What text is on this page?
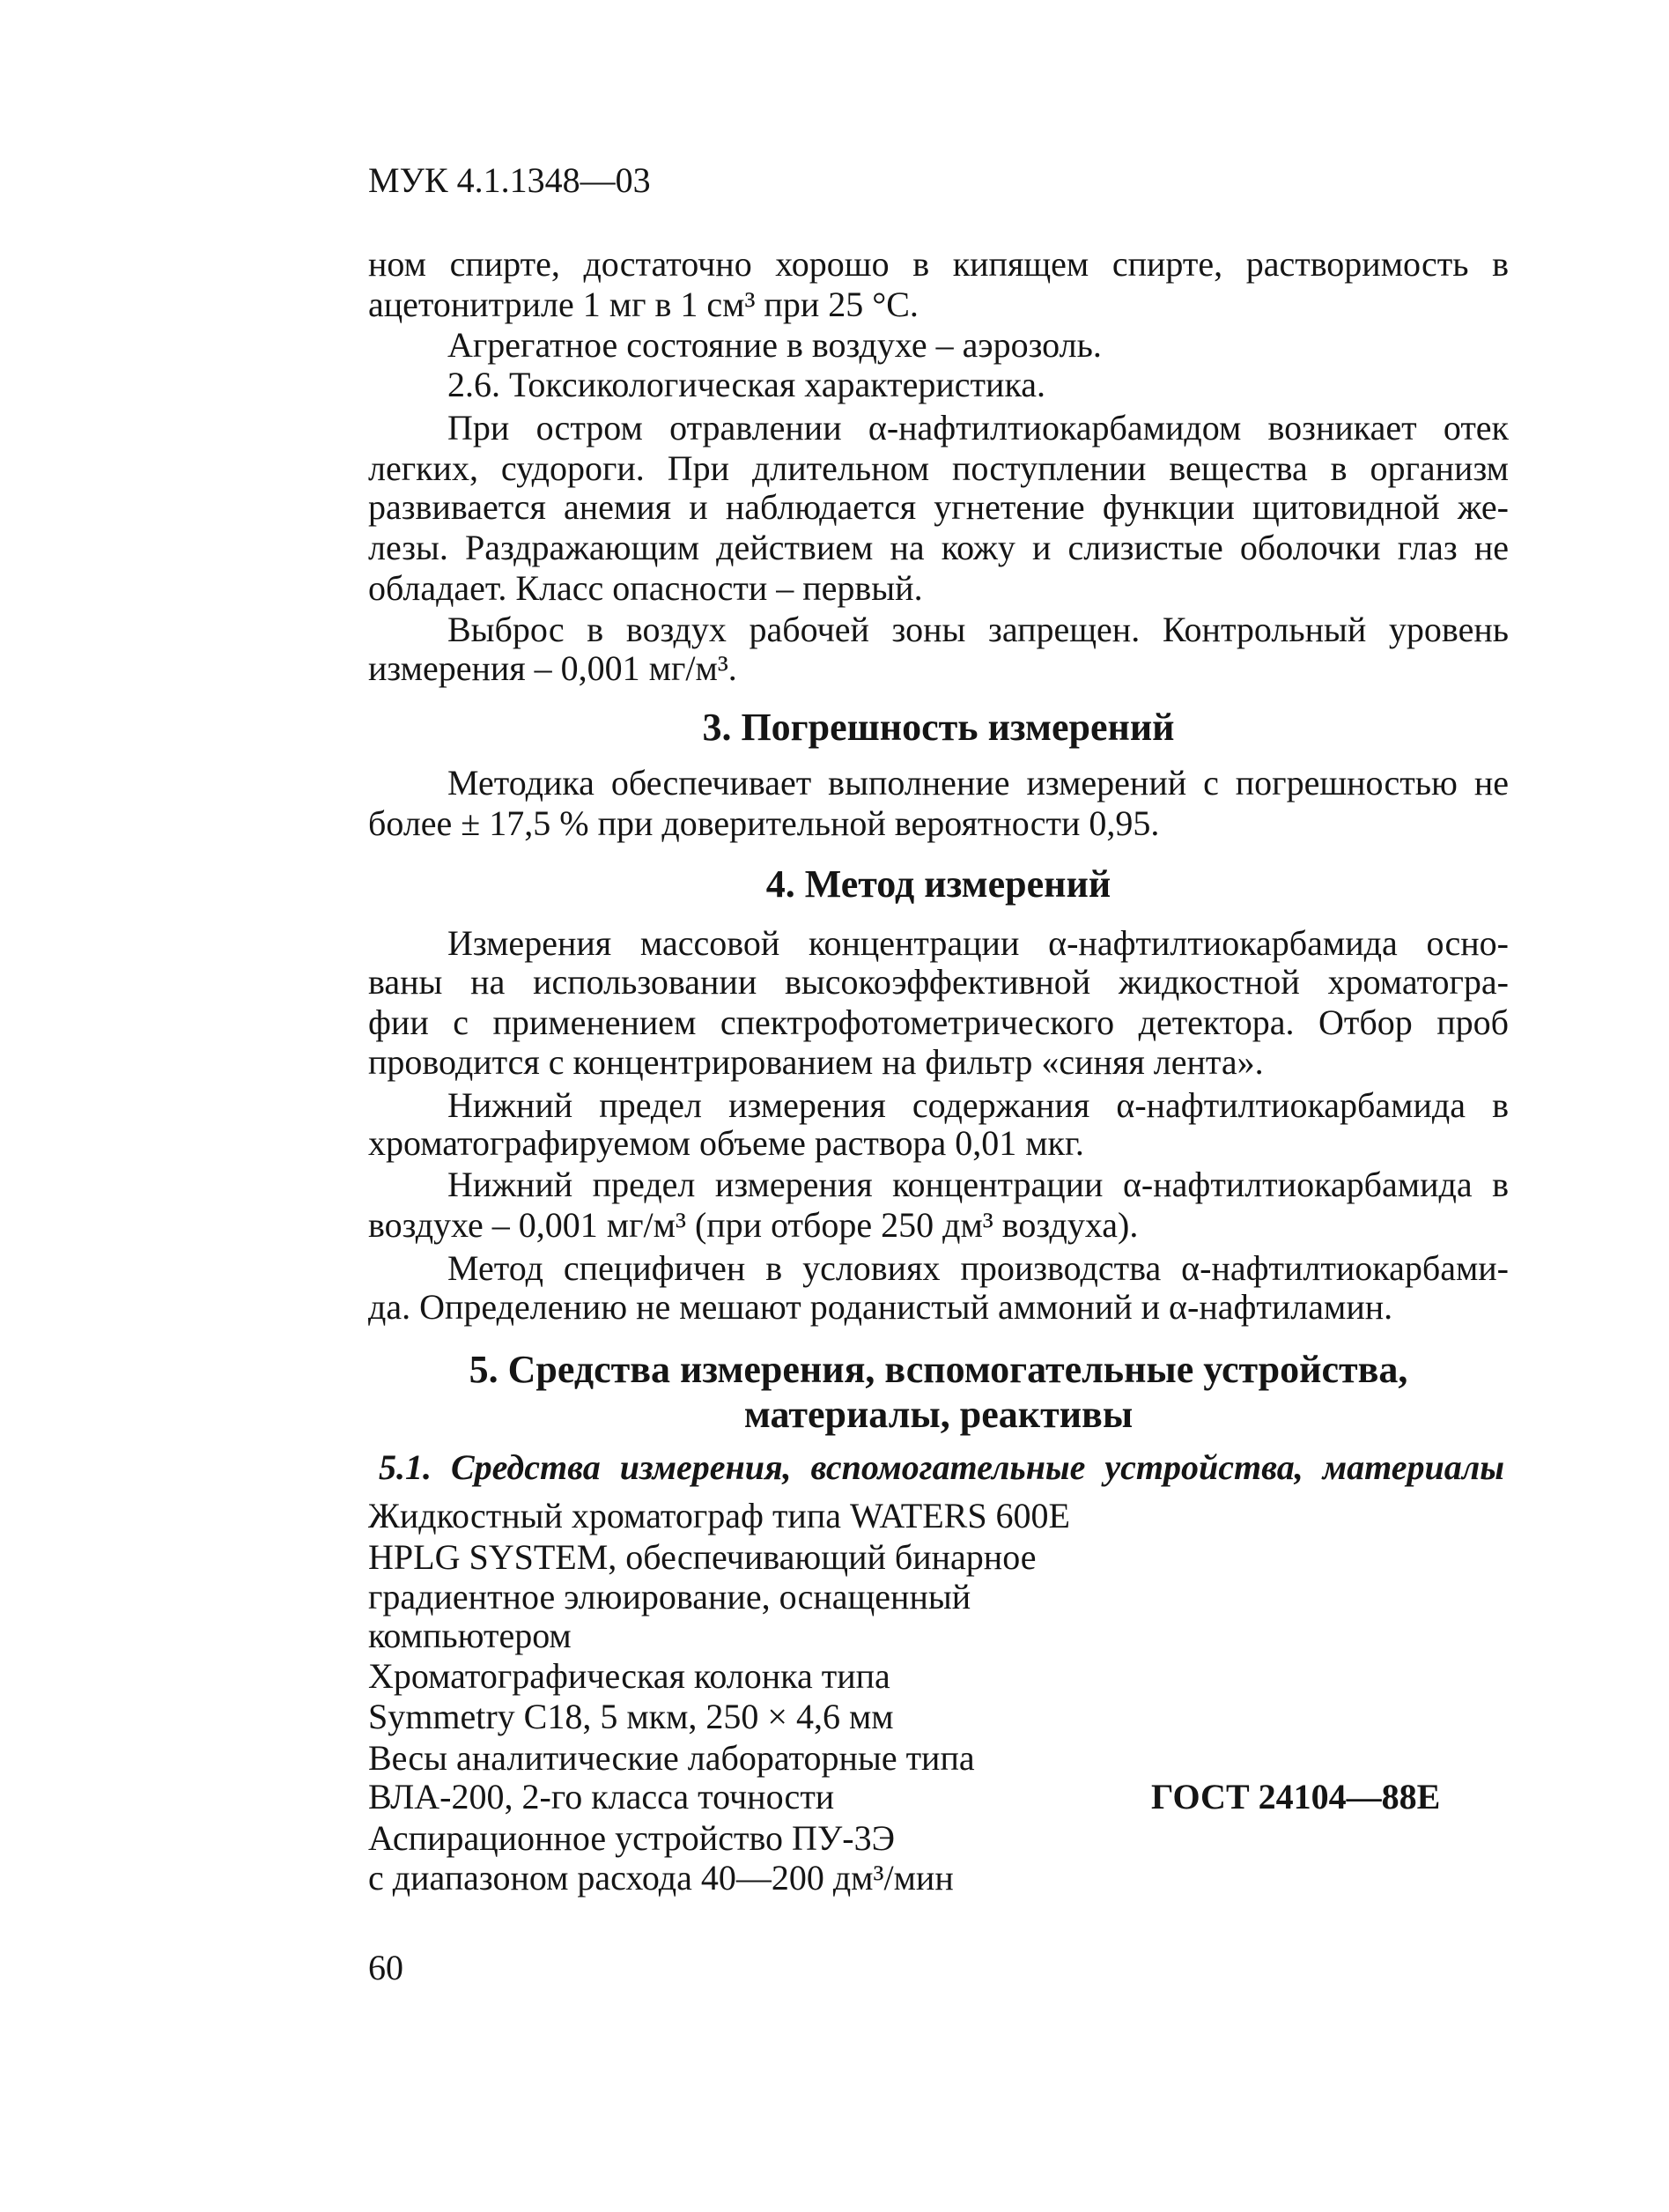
МУК 4.1.1348—03
ном спирте, достаточно хорошо в кипящем спирте, растворимость в
ацетонитриле 1 мг в 1 см³ при 25 °С.
Агрегатное состояние в воздухе – аэрозоль.
2.6. Токсикологическая характеристика.
При остром отравлении α-нафтилтиокарбамидом возникает отек
легких, судороги. При длительном поступлении вещества в организм
развивается анемия и наблюдается угнетение функции щитовидной же-
лезы. Раздражающим действием на кожу и слизистые оболочки глаз не
обладает. Класс опасности – первый.
Выброс в воздух рабочей зоны запрещен. Контрольный уровень
измерения – 0,001 мг/м³.
3. Погрешность измерений
Методика обеспечивает выполнение измерений с погрешностью не
более ± 17,5 % при доверительной вероятности 0,95.
4. Метод измерений
Измерения массовой концентрации α-нафтилтиокарбамида осно-
ваны на использовании высокоэффективной жидкостной хроматогра-
фии с применением спектрофотометрического детектора. Отбор проб
проводится с концентрированием на фильтр «синяя лента».
Нижний предел измерения содержания α-нафтилтиокарбамида в
хроматографируемом объеме раствора 0,01 мкг.
Нижний предел измерения концентрации α-нафтилтиокарбамида в
воздухе – 0,001 мг/м³ (при отборе 250 дм³ воздуха).
Метод специфичен в условиях производства α-нафтилтиокарбами-
да. Определению не мешают роданистый аммоний и α-нафтиламин.
5. Средства измерения, вспомогательные устройства,
материалы, реактивы
5.1. Средства измерения, вспомогательные устройства, материалы
Жидкостный хроматограф типа WATERS 600E
HPLG SYSTEM, обеспечивающий бинарное
градиентное элюирование, оснащенный
компьютером
Хроматографическая колонка типа
Symmetry C18, 5 мкм, 250 × 4,6 мм
Весы аналитические лабораторные типа
ВЛА-200, 2-го класса точности	ГОСТ 24104—88Е
Аспирационное устройство ПУ-3Э
с диапазоном расхода 40—200 дм³/мин
60
